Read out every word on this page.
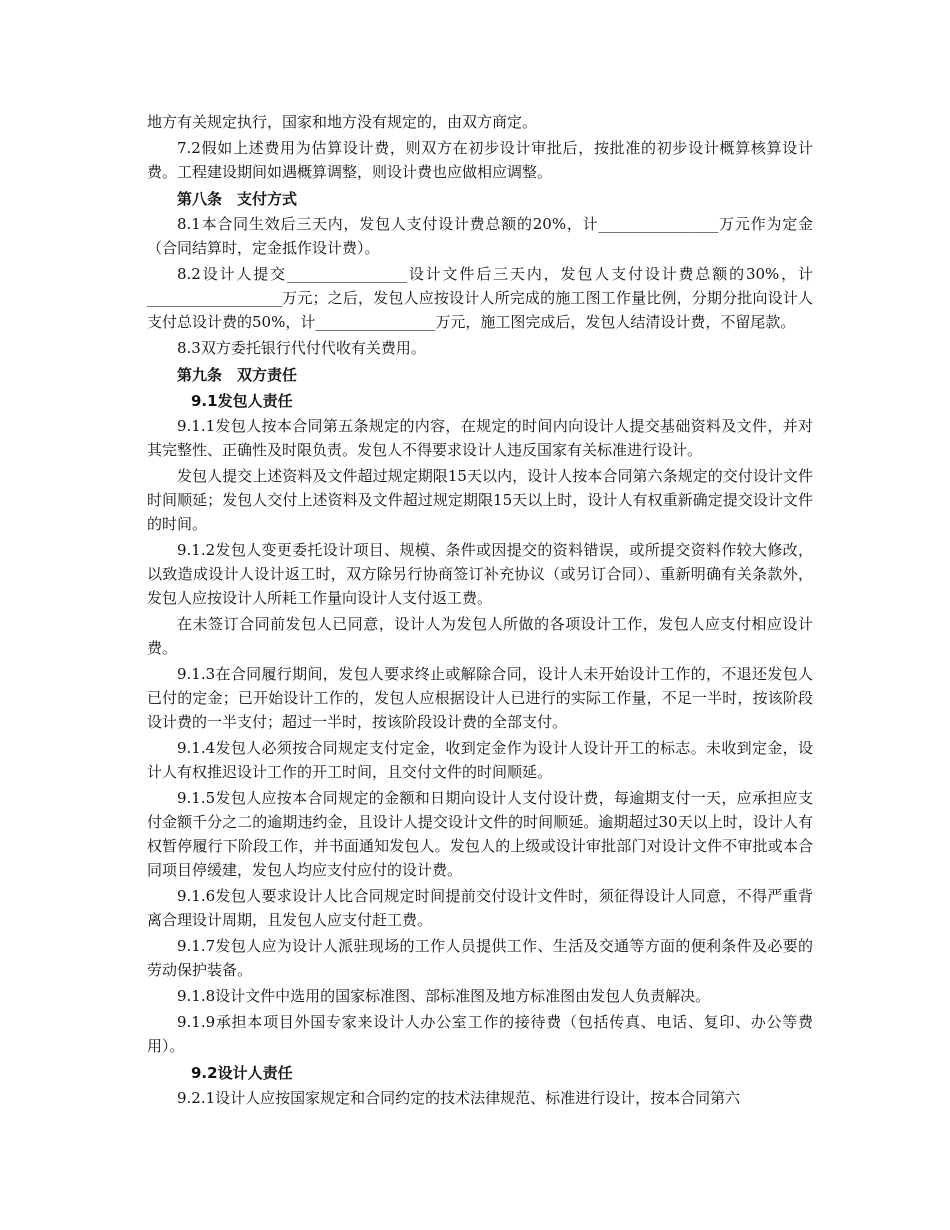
地方有关规定执行，国家和地方没有规定的，由双方商定。

7.2假如上述费用为估算设计费，则双方在初步设计审批后，按批准的初步设计概算核算设计费。工程建设期间如遇概算调整，则设计费也应做相应调整。

第八条　支付方式

8.1本合同生效后三天内，发包人支付设计费总额的20%，计________________万元作为定金（合同结算时，定金抵作设计费）。

8.2设计人提交________________设计文件后三天内，发包人支付设计费总额的30%，计__________________万元；之后，发包人应按设计人所完成的施工图工作量比例，分期分批向设计人支付总设计费的50%，计________________万元，施工图完成后，发包人结清设计费，不留尾款。

8.3双方委托银行代付代收有关费用。

第九条　双方责任
9.1发包人责任

9.1.1发包人按本合同第五条规定的内容，在规定的时间内向设计人提交基础资料及文件，并对其完整性、正确性及时限负责。发包人不得要求设计人违反国家有关标准进行设计。

发包人提交上述资料及文件超过规定期限15天以内，设计人按本合同第六条规定的交付设计文件时间顺延；发包人交付上述资料及文件超过规定期限15天以上时，设计人有权重新确定提交设计文件的时间。

9.1.2发包人变更委托设计项目、规模、条件或因提交的资料错误，或所提交资料作较大修改，以致造成设计人设计返工时，双方除另行协商签订补充协议（或另订合同）、重新明确有关条款外，发包人应按设计人所耗工作量向设计人支付返工费。

在未签订合同前发包人已同意，设计人为发包人所做的各项设计工作，发包人应支付相应设计费。

9.1.3在合同履行期间，发包人要求终止或解除合同，设计人未开始设计工作的，不退还发包人已付的定金；已开始设计工作的，发包人应根据设计人已进行的实际工作量，不足一半时，按该阶段设计费的一半支付；超过一半时，按该阶段设计费的全部支付。

9.1.4发包人必须按合同规定支付定金，收到定金作为设计人设计开工的标志。未收到定金，设计人有权推迟设计工作的开工时间，且交付文件的时间顺延。

9.1.5发包人应按本合同规定的金额和日期向设计人支付设计费，每逾期支付一天，应承担应支付金额千分之二的逾期违约金，且设计人提交设计文件的时间顺延。逾期超过30天以上时，设计人有权暂停履行下阶段工作，并书面通知发包人。发包人的上级或设计审批部门对设计文件不审批或本合同项目停缓建，发包人均应支付应付的设计费。

9.1.6发包人要求设计人比合同规定时间提前交付设计文件时，须征得设计人同意，不得严重背离合理设计周期，且发包人应支付赶工费。

9.1.7发包人应为设计人派驻现场的工作人员提供工作、生活及交通等方面的便利条件及必要的劳动保护装备。

9.1.8设计文件中选用的国家标准图、部标准图及地方标准图由发包人负责解决。

9.1.9承担本项目外国专家来设计人办公室工作的接待费（包括传真、电话、复印、办公等费用）。

9.2设计人责任

9.2.1设计人应按国家规定和合同约定的技术法律规范、标准进行设计，按本合同第六
